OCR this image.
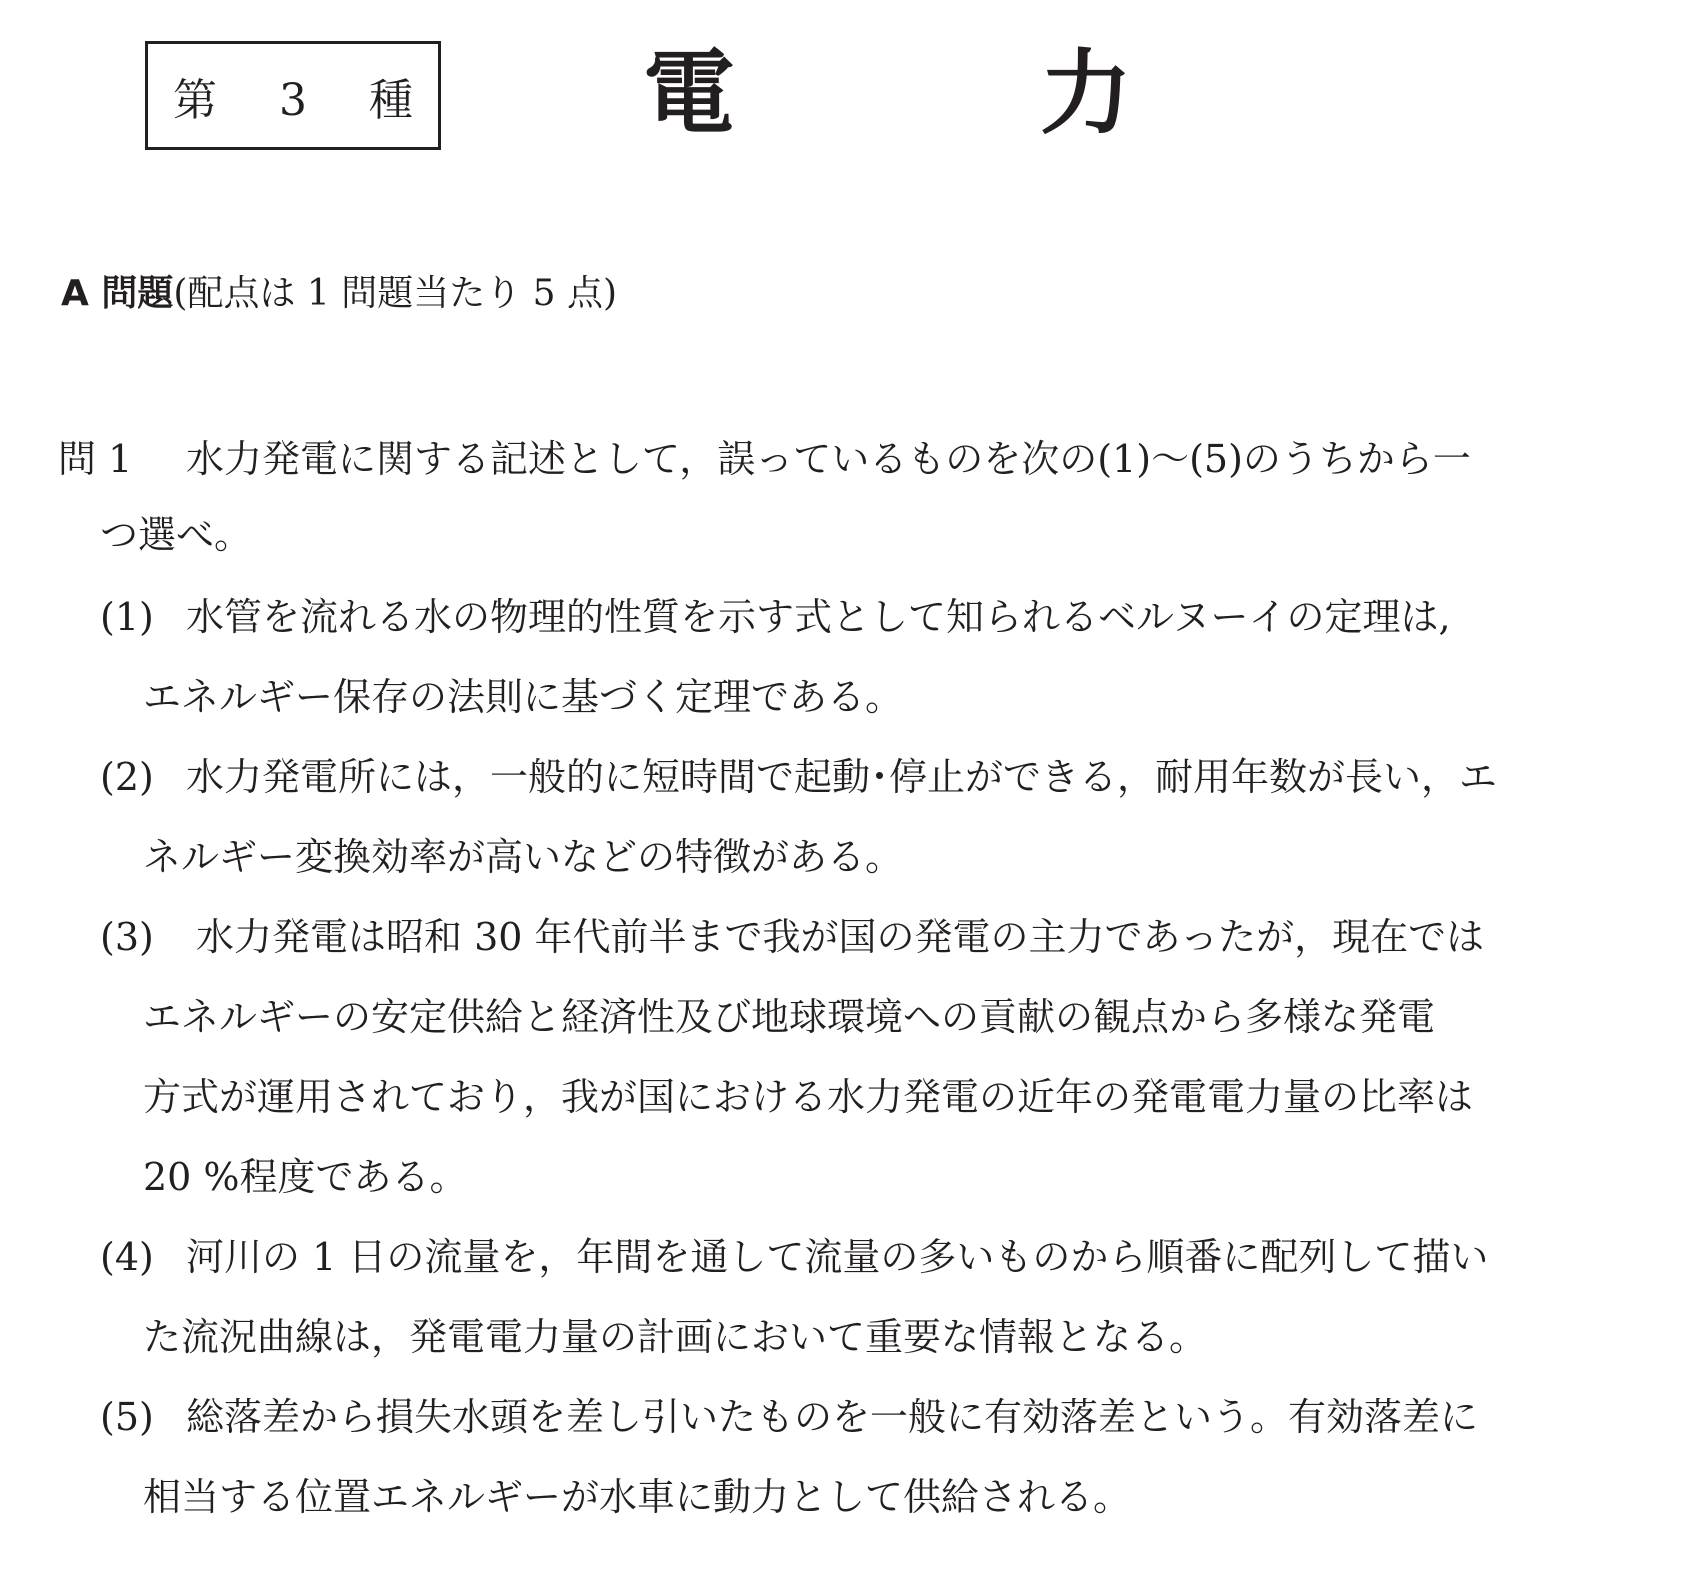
第 3 種 電	力
A 問題(配点は 1 問題当たり 5 点)
問 1 水力発電に関する記述として，誤っているものを次の(1)～(5)のうちから一
つ選べ。
(1) 水管を流れる水の物理的性質を示す式として知られるベルヌーイの定理は,
エネルギー保存の法則に基づく定理である。
(2) 水力発電所には，一般的に短時間で起動･停止ができる，耐用年数が長い，エ
ネルギー変換効率が高いなどの特徴がある。
(3) 水力発電は昭和 30 年代前半まで我が国の発電の主力であったが，現在では
エネルギーの安定供給と経済性及び地球環境への貢献の観点から多様な発電
方式が運用されており，我が国における水力発電の近年の発電電力量の比率は
20 %程度である。
(4) 河川の 1 日の流量を，年間を通して流量の多いものから順番に配列して描い
た流況曲線は，発電電力量の計画において重要な情報となる。
(5) 総落差から損失水頭を差し引いたものを一般に有効落差という。有効落差に
相当する位置エネルギーが水車に動力として供給される。
